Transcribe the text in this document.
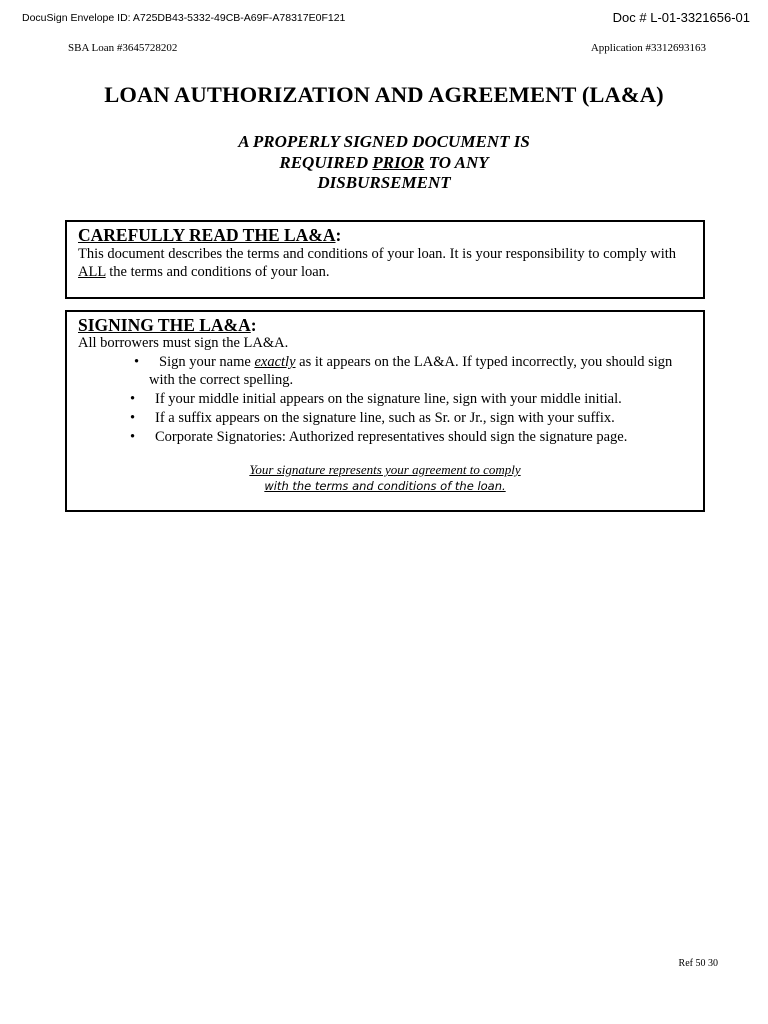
DocuSign Envelope ID: A725DB43-5332-49CB-A69F-A78317E0F121	Doc # L-01-3321656-01
SBA Loan #3645728202	Application #3312693163
LOAN AUTHORIZATION AND AGREEMENT (LA&A)
A PROPERLY SIGNED DOCUMENT IS
REQUIRED PRIOR TO ANY
DISBURSEMENT
CAREFULLY READ THE LA&A:
This document describes the terms and conditions of your loan. It is your responsibility to comply with
ALL the terms and conditions of your loan.
SIGNING THE LA&A:
All borrowers must sign the LA&A.
• Sign your name exactly as it appears on the LA&A. If typed incorrectly, you should sign
with the correct spelling.
• If your middle initial appears on the signature line, sign with your middle initial.
• If a suffix appears on the signature line, such as Sr. or Jr., sign with your suffix.
• Corporate Signatories: Authorized representatives should sign the signature page.
Your signature represents your agreement to comply
with the terms and conditions of the loan.
Ref 50 30
